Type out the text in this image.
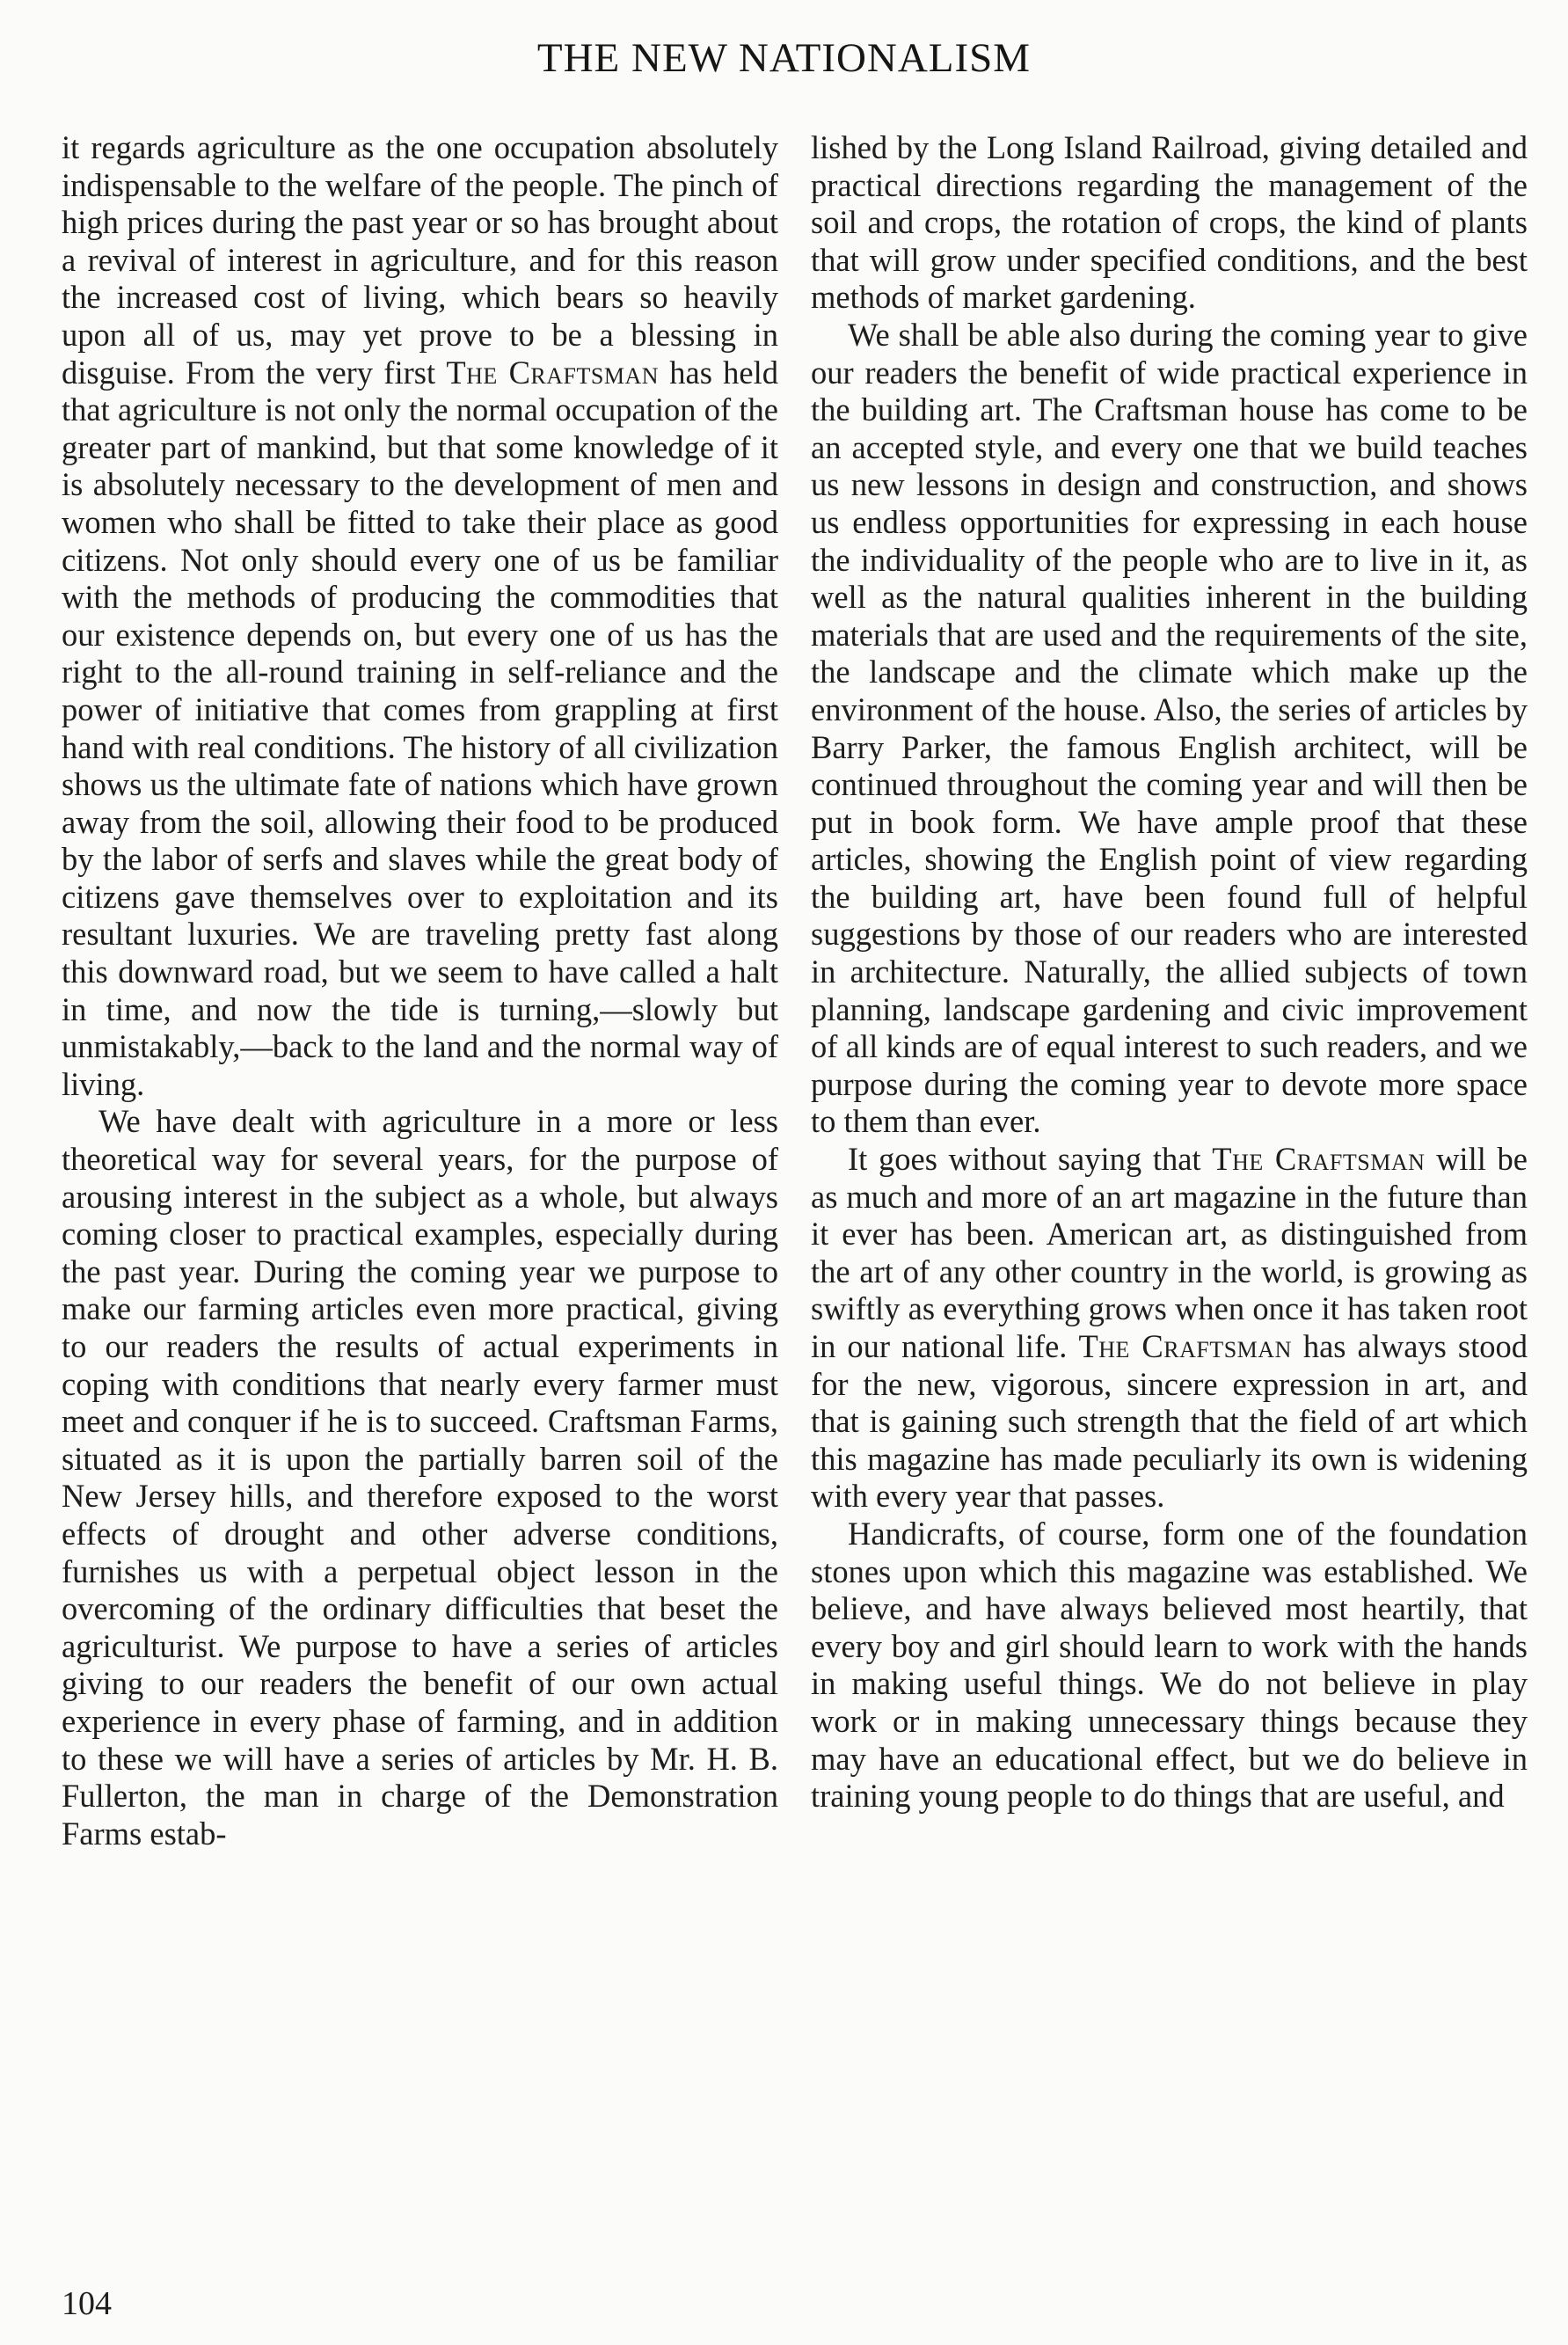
THE NEW NATIONALISM

it regards agriculture as the one occupation absolutely indispensable to the welfare of the people. The pinch of high prices during the past year or so has brought about a revival of interest in agriculture, and for this reason the increased cost of living, which bears so heavily upon all of us, may yet prove to be a blessing in disguise. From the very first The Craftsman has held that agriculture is not only the normal occupation of the greater part of mankind, but that some knowledge of it is absolutely necessary to the development of men and women who shall be fitted to take their place as good citizens. Not only should every one of us be familiar with the methods of producing the commodities that our existence depends on, but every one of us has the right to the all-round training in self-reliance and the power of initiative that comes from grappling at first hand with real conditions. The history of all civilization shows us the ultimate fate of nations which have grown away from the soil, allowing their food to be produced by the labor of serfs and slaves while the great body of citizens gave themselves over to exploitation and its resultant luxuries. We are traveling pretty fast along this downward road, but we seem to have called a halt in time, and now the tide is turning,—slowly but unmistakably,—back to the land and the normal way of living.

We have dealt with agriculture in a more or less theoretical way for several years, for the purpose of arousing interest in the subject as a whole, but always coming closer to practical examples, especially during the past year. During the coming year we purpose to make our farming articles even more practical, giving to our readers the results of actual experiments in coping with conditions that nearly every farmer must meet and conquer if he is to succeed. Craftsman Farms, situated as it is upon the partially barren soil of the New Jersey hills, and therefore exposed to the worst effects of drought and other adverse conditions, furnishes us with a perpetual object lesson in the overcoming of the ordinary difficulties that beset the agriculturist. We purpose to have a series of articles giving to our readers the benefit of our own actual experience in every phase of farming, and in addition to these we will have a series of articles by Mr. H. B. Fullerton, the man in charge of the Demonstration Farms estab-

lished by the Long Island Railroad, giving detailed and practical directions regarding the management of the soil and crops, the rotation of crops, the kind of plants that will grow under specified conditions, and the best methods of market gardening.

We shall be able also during the coming year to give our readers the benefit of wide practical experience in the building art. The Craftsman house has come to be an accepted style, and every one that we build teaches us new lessons in design and construction, and shows us endless opportunities for expressing in each house the individuality of the people who are to live in it, as well as the natural qualities inherent in the building materials that are used and the requirements of the site, the landscape and the climate which make up the environment of the house. Also, the series of articles by Barry Parker, the famous English architect, will be continued throughout the coming year and will then be put in book form. We have ample proof that these articles, showing the English point of view regarding the building art, have been found full of helpful suggestions by those of our readers who are interested in architecture. Naturally, the allied subjects of town planning, landscape gardening and civic improvement of all kinds are of equal interest to such readers, and we purpose during the coming year to devote more space to them than ever.

It goes without saying that The Craftsman will be as much and more of an art magazine in the future than it ever has been. American art, as distinguished from the art of any other country in the world, is growing as swiftly as everything grows when once it has taken root in our national life. The Craftsman has always stood for the new, vigorous, sincere expression in art, and that is gaining such strength that the field of art which this magazine has made peculiarly its own is widening with every year that passes.

Handicrafts, of course, form one of the foundation stones upon which this magazine was established. We believe, and have always believed most heartily, that every boy and girl should learn to work with the hands in making useful things. We do not believe in play work or in making unnecessary things because they may have an educational effect, but we do believe in training young people to do things that are useful, and

104
